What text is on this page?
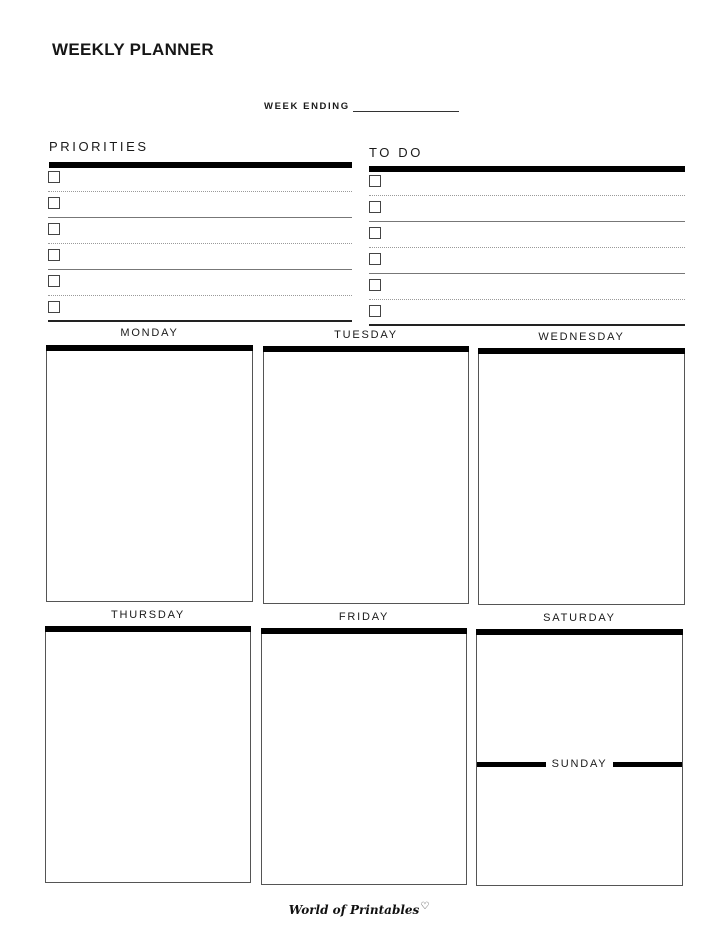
WEEKLY PLANNER
WEEK ENDING
PRIORITIES	TO DO
MONDAY	TUESDAY	WEDNESDAY
THURSDAY	FRIDAY	SATURDAY
SUNDAY
World of Printables♡
